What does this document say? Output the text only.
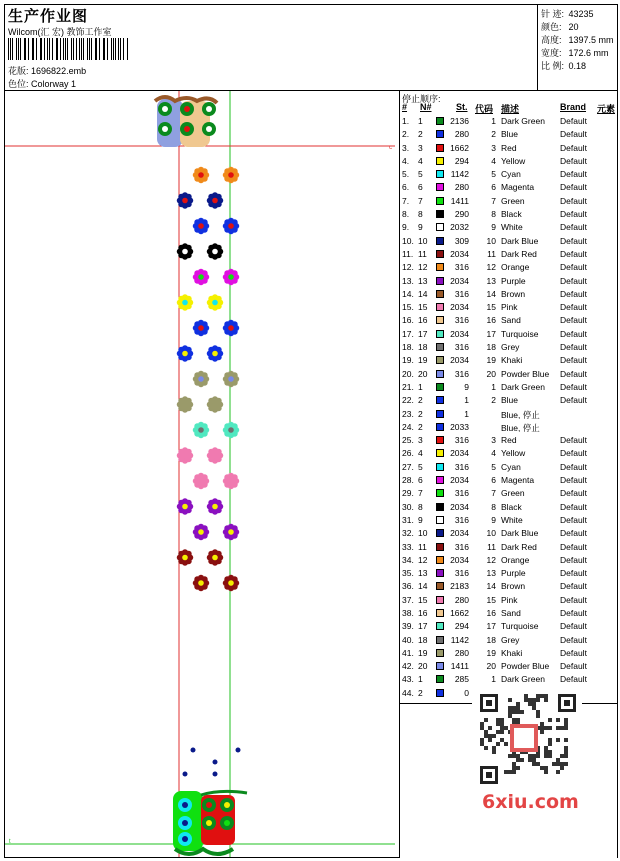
生产作业图
Wilcom(汇 宏) 教饰工作室
花版: 1696822.emb
色位: Colorway 1
针 迹: 43235
颜色: 20
高度: 1397.5 mm
宽度: 172.6 mm
比 例: 0.18
c
t
停止顺序:
# N#	St. 代码 描述	Brand 元素
1. 1	2136	1 Dark Green Default
2. 2	280	2 Blue	Default
3. 3	1662	3 Red	Default
4. 4	294	4 Yellow	Default
5. 5	1142	5 Cyan	Default
6. 6	280	6 Magenta	Default
7. 7	1411	7 Green	Default
8. 8	290	8 Black	Default
9. 9	2032	9 White	Default
10. 10	309	10 Dark Blue	Default
11. 11	2034	11 Dark Red	Default
12. 12	316	12 Orange	Default
13. 13	2034	13 Purple	Default
14. 14	316	14 Brown	Default
15. 15	2034	15 Pink	Default
16. 16	316	16 Sand	Default
17. 17	2034	17 Turquoise	Default
18. 18	316	18 Grey	Default
19. 19	2034	19 Khaki	Default
20. 20	316	20 Powder Blue Default
21. 1	9	1 Dark Green Default
22. 2	1	2 Blue	Default
23. 2	1	Blue, 停止
24. 2	2033	Blue, 停止
25. 3	316	3 Red	Default
26. 4	2034	4 Yellow	Default
27. 5	316	5 Cyan	Default
28. 6	2034	6 Magenta	Default
29. 7	316	7 Green	Default
30. 8	2034	8 Black	Default
31. 9	316	9 White	Default
32. 10	2034	10 Dark Blue	Default
33. 11	316	11 Dark Red	Default
34. 12	2034	12 Orange	Default
35. 13	316	13 Purple	Default
36. 14	2183	14 Brown	Default
37. 15	280	15 Pink	Default
38. 16	1662	16 Sand	Default
39. 17	294	17 Turquoise	Default
40. 18	1142	18 Grey	Default
41. 19	280	19 Khaki	Default
42. 20	1411	20 Powder Blue Default
43. 1	285	1 Dark Green Default
44. 2	0
6xiu.com
